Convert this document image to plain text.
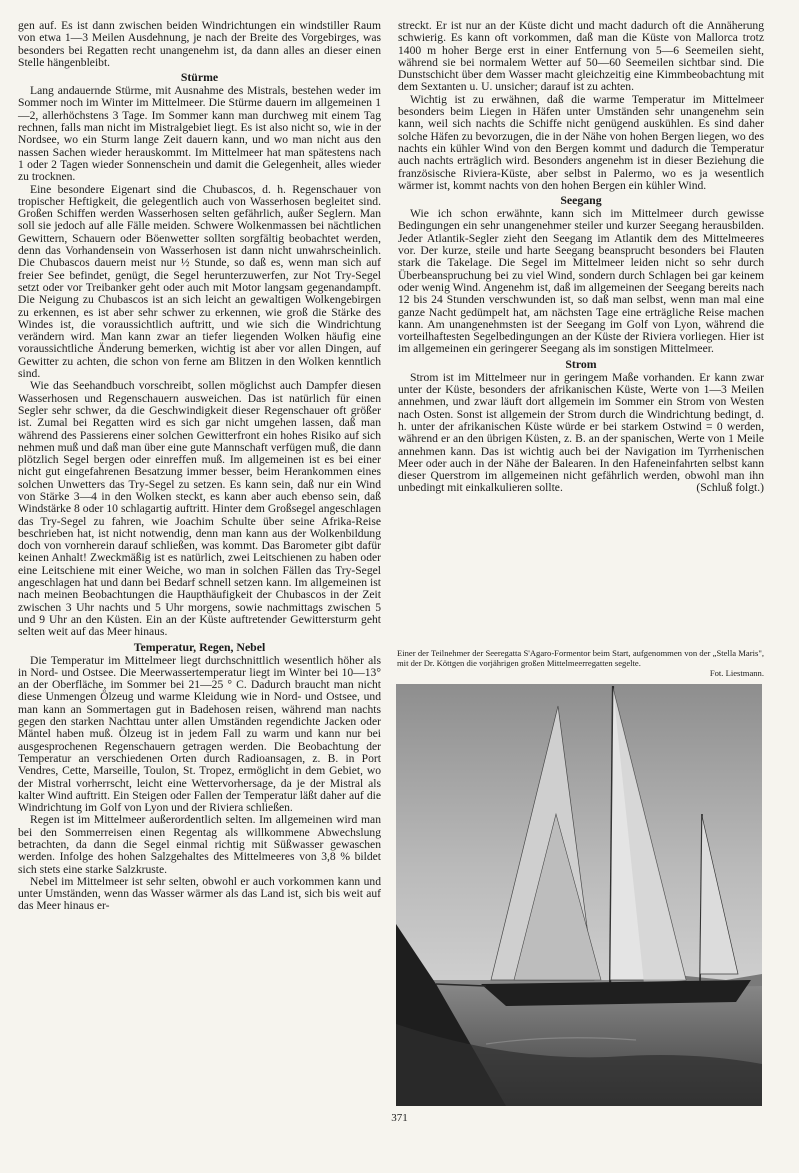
gen auf. Es ist dann zwischen beiden Windrichtungen ein windstiller Raum von etwa 1—3 Meilen Ausdehnung, je nach der Breite des Vorgebirges, was besonders bei Regatten recht unangenehm ist, da dann alles an dieser einen Stelle hängenbleibt.

Stürme

Lang andauernde Stürme, mit Ausnahme des Mistrals, bestehen weder im Sommer noch im Winter im Mittelmeer. Die Stürme dauern im allgemeinen 1—2, allerhöchstens 3 Tage. Im Sommer kann man durchweg mit einem Tag rechnen, falls man nicht im Mistralgebiet liegt. Es ist also nicht so, wie in der Nordsee, wo ein Sturm lange Zeit dauern kann, und wo man nicht aus den nassen Sachen wieder herauskommt. Im Mittelmeer hat man spätestens nach 1 oder 2 Tagen wieder Sonnenschein und damit die Gelegenheit, alles wieder zu trocknen.

Eine besondere Eigenart sind die Chubascos, d. h. Regenschauer von tropischer Heftigkeit, die gelegentlich auch von Wasserhosen begleitet sind. Großen Schiffen werden Wasserhosen selten gefährlich, außer Seglern. Man soll sie jedoch auf alle Fälle meiden. Schwere Wolkenmassen bei nächtlichen Gewittern, Schauern oder Böenwetter sollten sorgfältig beobachtet werden, denn das Vorhandensein von Wasserhosen ist dann nicht unwahrscheinlich. Die Chubascos dauern meist nur ½ Stunde, so daß es, wenn man sich auf freier See befindet, genügt, die Segel herunterzuwerfen, zur Not Try-Segel setzt oder vor Treibanker geht oder auch mit Motor langsam gegenandampft. Die Neigung zu Chubascos ist an sich leicht an gewaltigen Wolkengebirgen zu erkennen, es ist aber sehr schwer zu erkennen, wie groß die Stärke des Windes ist, die voraussichtlich auftritt, und wie sich die Windrichtung verändern wird. Man kann zwar an tiefer liegenden Wolken häufig eine voraussichtliche Änderung bemerken, wichtig ist aber vor allen Dingen, auf Gewitter zu achten, die schon von ferne am Blitzen in den Wolken kenntlich sind.

Wie das Seehandbuch vorschreibt, sollen möglichst auch Dampfer diesen Wasserhosen und Regenschauern ausweichen. Das ist natürlich für einen Segler sehr schwer, da die Geschwindigkeit dieser Regenschauer oft größer ist. Zumal bei Regatten wird es sich gar nicht umgehen lassen, daß man während des Passierens einer solchen Gewitterfront ein hohes Risiko auf sich nehmen muß und daß man über eine gute Mannschaft verfügen muß, die dann plötzlich Segel bergen oder einreffen muß. Im allgemeinen ist es bei einer nicht gut eingefahrenen Besatzung immer besser, beim Herankommen eines solchen Unwetters das Try-Segel zu setzen. Es kann sein, daß nur ein Wind von Stärke 3—4 in den Wolken steckt, es kann aber auch ebenso sein, daß Windstärke 8 oder 10 schlagartig auftritt. Hinter dem Großsegel angeschlagen das Try-Segel zu fahren, wie Joachim Schulte über seine Afrika-Reise beschrieben hat, ist nicht notwendig, denn man kann aus der Wolkenbildung doch von vornherein darauf schließen, was kommt. Das Barometer gibt dafür keinen Anhalt! Zweckmäßig ist es natürlich, zwei Leitschienen zu haben oder eine Leitschiene mit einer Weiche, wo man in solchen Fällen das Try-Segel angeschlagen hat und dann bei Bedarf schnell setzen kann. Im allgemeinen ist nach meinen Beobachtungen die Haupthäufigkeit der Chubascos in der Zeit zwischen 3 Uhr nachts und 5 Uhr morgens, sowie nachmittags zwischen 5 und 9 Uhr an den Küsten. Ein an der Küste auftretender Gewittersturm geht selten weit auf das Meer hinaus.

Temperatur, Regen, Nebel

Die Temperatur im Mittelmeer liegt durchschnittlich wesentlich höher als in Nord- und Ostsee. Die Meerwassertemperatur liegt im Winter bei 10—13° an der Oberfläche, im Sommer bei 21—25 ° C. Dadurch braucht man nicht diese Unmengen Ölzeug und warme Kleidung wie in Nord- und Ostsee, und man kann an Sommertagen gut in Badehosen reisen, während man nachts gegen den starken Nachttau unter allen Umständen regendichte Jacken oder Mäntel haben muß. Ölzeug ist in jedem Fall zu warm und kann nur bei ausgesprochenen Regenschauern getragen werden. Die Beobachtung der Temperatur an verschiedenen Orten durch Radioansagen, z. B. in Port Vendres, Cette, Marseille, Toulon, St. Tropez, ermöglicht in dem Gebiet, wo der Mistral vorherrscht, leicht eine Wettervorhersage, da je der Mistral als kalter Wind auftritt. Ein Steigen oder Fallen der Temperatur läßt daher auf die Windrichtung im Golf von Lyon und der Riviera schließen.

Regen ist im Mittelmeer außerordentlich selten. Im allgemeinen wird man bei den Sommerreisen einen Regentag als willkommene Abwechslung betrachten, da dann die Segel einmal richtig mit Süßwasser gewaschen werden. Infolge des hohen Salzgehaltes des Mittelmeeres von 3,8 % bildet sich stets eine starke Salzkruste.

Nebel im Mittelmeer ist sehr selten, obwohl er auch vorkommen kann und unter Umständen, wenn das Wasser wärmer als das Land ist, sich bis weit auf das Meer hinaus er-

streckt. Er ist nur an der Küste dicht und macht dadurch oft die Annäherung schwierig. Es kann oft vorkommen, daß man die Küste von Mallorca trotz 1400 m hoher Berge erst in einer Entfernung von 5—6 Seemeilen sieht, während sie bei normalem Wetter auf 50—60 Seemeilen sichtbar sind. Die Dunstschicht über dem Wasser macht gleichzeitig eine Kimmbeobachtung mit dem Sextanten u. U. unsicher; darauf ist zu achten.

Wichtig ist zu erwähnen, daß die warme Temperatur im Mittelmeer besonders beim Liegen in Häfen unter Umständen sehr unangenehm sein kann, weil sich nachts die Schiffe nicht genügend auskühlen. Es sind daher solche Häfen zu bevorzugen, die in der Nähe von hohen Bergen liegen, wo des nachts ein kühler Wind von den Bergen kommt und dadurch die Temperatur auch nachts erträglich wird. Besonders angenehm ist in dieser Beziehung die französische Riviera-Küste, aber selbst in Palermo, wo es ja wesentlich wärmer ist, kommt nachts von den hohen Bergen ein kühler Wind.

Seegang

Wie ich schon erwähnte, kann sich im Mittelmeer durch gewisse Bedingungen ein sehr unangenehmer steiler und kurzer Seegang herausbilden. Jeder Atlantik-Segler zieht den Seegang im Atlantik dem des Mittelmeeres vor. Der kurze, steile und harte Seegang beansprucht besonders bei Flauten stark die Takelage. Die Segel im Mittelmeer leiden nicht so sehr durch Überbeanspruchung bei zu viel Wind, sondern durch Schlagen bei gar keinem oder wenig Wind. Angenehm ist, daß im allgemeinen der Seegang bereits nach 12 bis 24 Stunden verschwunden ist, so daß man selbst, wenn man mal eine ganze Nacht gedümpelt hat, am nächsten Tage eine erträgliche Reise machen kann. Am unangenehmsten ist der Seegang im Golf von Lyon, während die vorteilhaftesten Segelbedingungen an der Küste der Riviera vorliegen. Hier ist im allgemeinen ein geringerer Seegang als im sonstigen Mittelmeer.

Strom

Strom ist im Mittelmeer nur in geringem Maße vorhanden. Er kann zwar unter der Küste, besonders der afrikanischen Küste, Werte von 1—3 Meilen annehmen, und zwar läuft dort allgemein im Sommer ein Strom von Westen nach Osten. Sonst ist allgemein der Strom durch die Windrichtung bedingt, d. h. unter der afrikanischen Küste würde er bei starkem Ostwind = 0 werden, während er an den übrigen Küsten, z. B. an der spanischen, Werte von 1 Meile annehmen kann. Das ist wichtig auch bei der Navigation im Tyrrhenischen Meer oder auch in der Nähe der Balearen. In den Hafeneinfahrten selbst kann dieser Querstrom im allgemeinen nicht gefährlich werden, obwohl man ihn unbedingt mit einkalkulieren sollte.	(Schluß folgt.)

Einer der Teilnehmer der Seeregatta S'Agaro-Formentor beim Start, aufgenommen von der „Stella Maris", mit der Dr. Köttgen die vorjährigen großen Mittelmeerregatten segelte.
Fot. Liestmann.
371
